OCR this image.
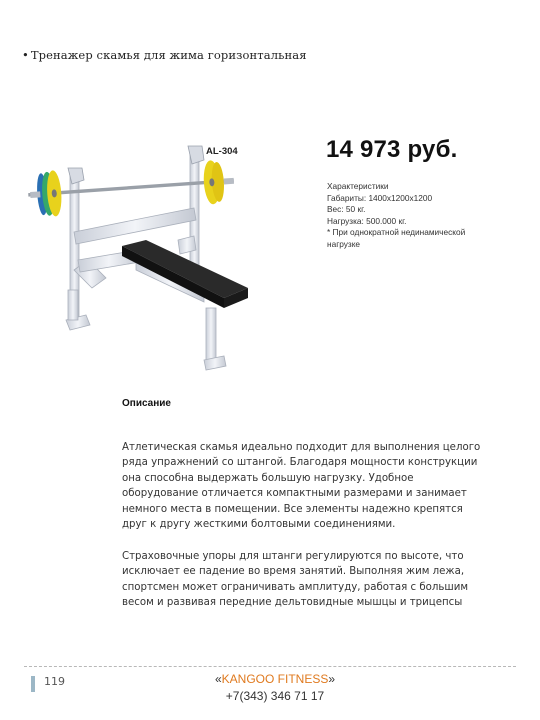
• Тренажер скамья для жима горизонтальная
AL-304	14 973 руб.
Характеристики
Габариты: 1400х1200х1200
Вес: 50 кг.
Нагрузка: 500.000 кг.
* При однократной нединамической
нагрузке
Описание
Атлетическая скамья идеально подходит для выполнения целого
ряда упражнений со штангой. Благодаря мощности конструкции
она способна выдержать большую нагрузку. Удобное
оборудование отличается компактными размерами и занимает
немного места в помещении. Все элементы надежно крепятся
друг к другу жесткими болтовыми соединениями.
Страховочные упоры для штанги регулируются по высоте, что
исключает ее падение во время занятий. Выполняя жим лежа,
спортсмен может ограничивать амплитуду, работая с большим
весом и развивая передние дельтовидные мышцы и трицепсы
119	«KANGOO FITNESS»
+7(343) 346 71 17
